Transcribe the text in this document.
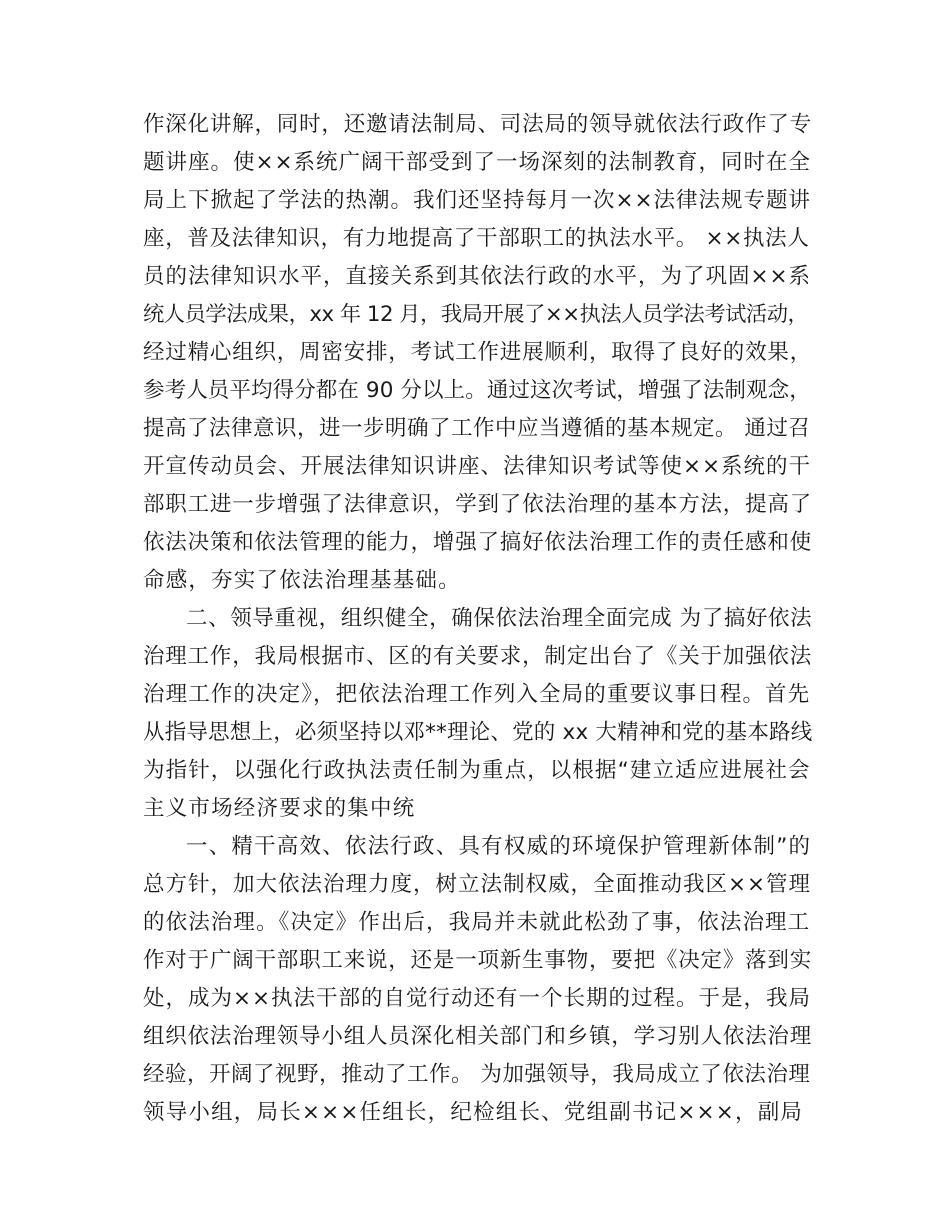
作深化讲解，同时，还邀请法制局、司法局的领导就依法行政作了专
题讲座。使××系统广阔干部受到了一场深刻的法制教育，同时在全
局上下掀起了学法的热潮。我们还坚持每月一次××法律法规专题讲
座，普及法律知识，有力地提高了干部职工的执法水平。 ××执法人
员的法律知识水平，直接关系到其依法行政的水平，为了巩固××系
统人员学法成果，xx 年 12 月，我局开展了××执法人员学法考试活动，
经过精心组织，周密安排，考试工作进展顺利，取得了良好的效果，
参考人员平均得分都在 90 分以上。通过这次考试，增强了法制观念，
提高了法律意识，进一步明确了工作中应当遵循的基本规定。 通过召
开宣传动员会、开展法律知识讲座、法律知识考试等使××系统的干
部职工进一步增强了法律意识，学到了依法治理的基本方法，提高了
依法决策和依法管理的能力，增强了搞好依法治理工作的责任感和使
命感，夯实了依法治理基基础。
二、领导重视，组织健全，确保依法治理全面完成 为了搞好依法
治理工作，我局根据市、区的有关要求，制定出台了《关于加强依法
治理工作的决定》，把依法治理工作列入全局的重要议事日程。首先
从指导思想上，必须坚持以邓**理论、党的 xx 大精神和党的基本路线
为指针，以强化行政执法责任制为重点，以根据“建立适应进展社会
主义市场经济要求的集中统
一、精干高效、依法行政、具有权威的环境保护管理新体制”的
总方针，加大依法治理力度，树立法制权威，全面推动我区××管理
的依法治理。《决定》作出后，我局并未就此松劲了事，依法治理工
作对于广阔干部职工来说，还是一项新生事物，要把《决定》落到实
处，成为××执法干部的自觉行动还有一个长期的过程。于是，我局
组织依法治理领导小组人员深化相关部门和乡镇，学习别人依法治理
经验，开阔了视野，推动了工作。 为加强领导，我局成立了依法治理
领导小组，局长×××任组长，纪检组长、党组副书记×××，副局
